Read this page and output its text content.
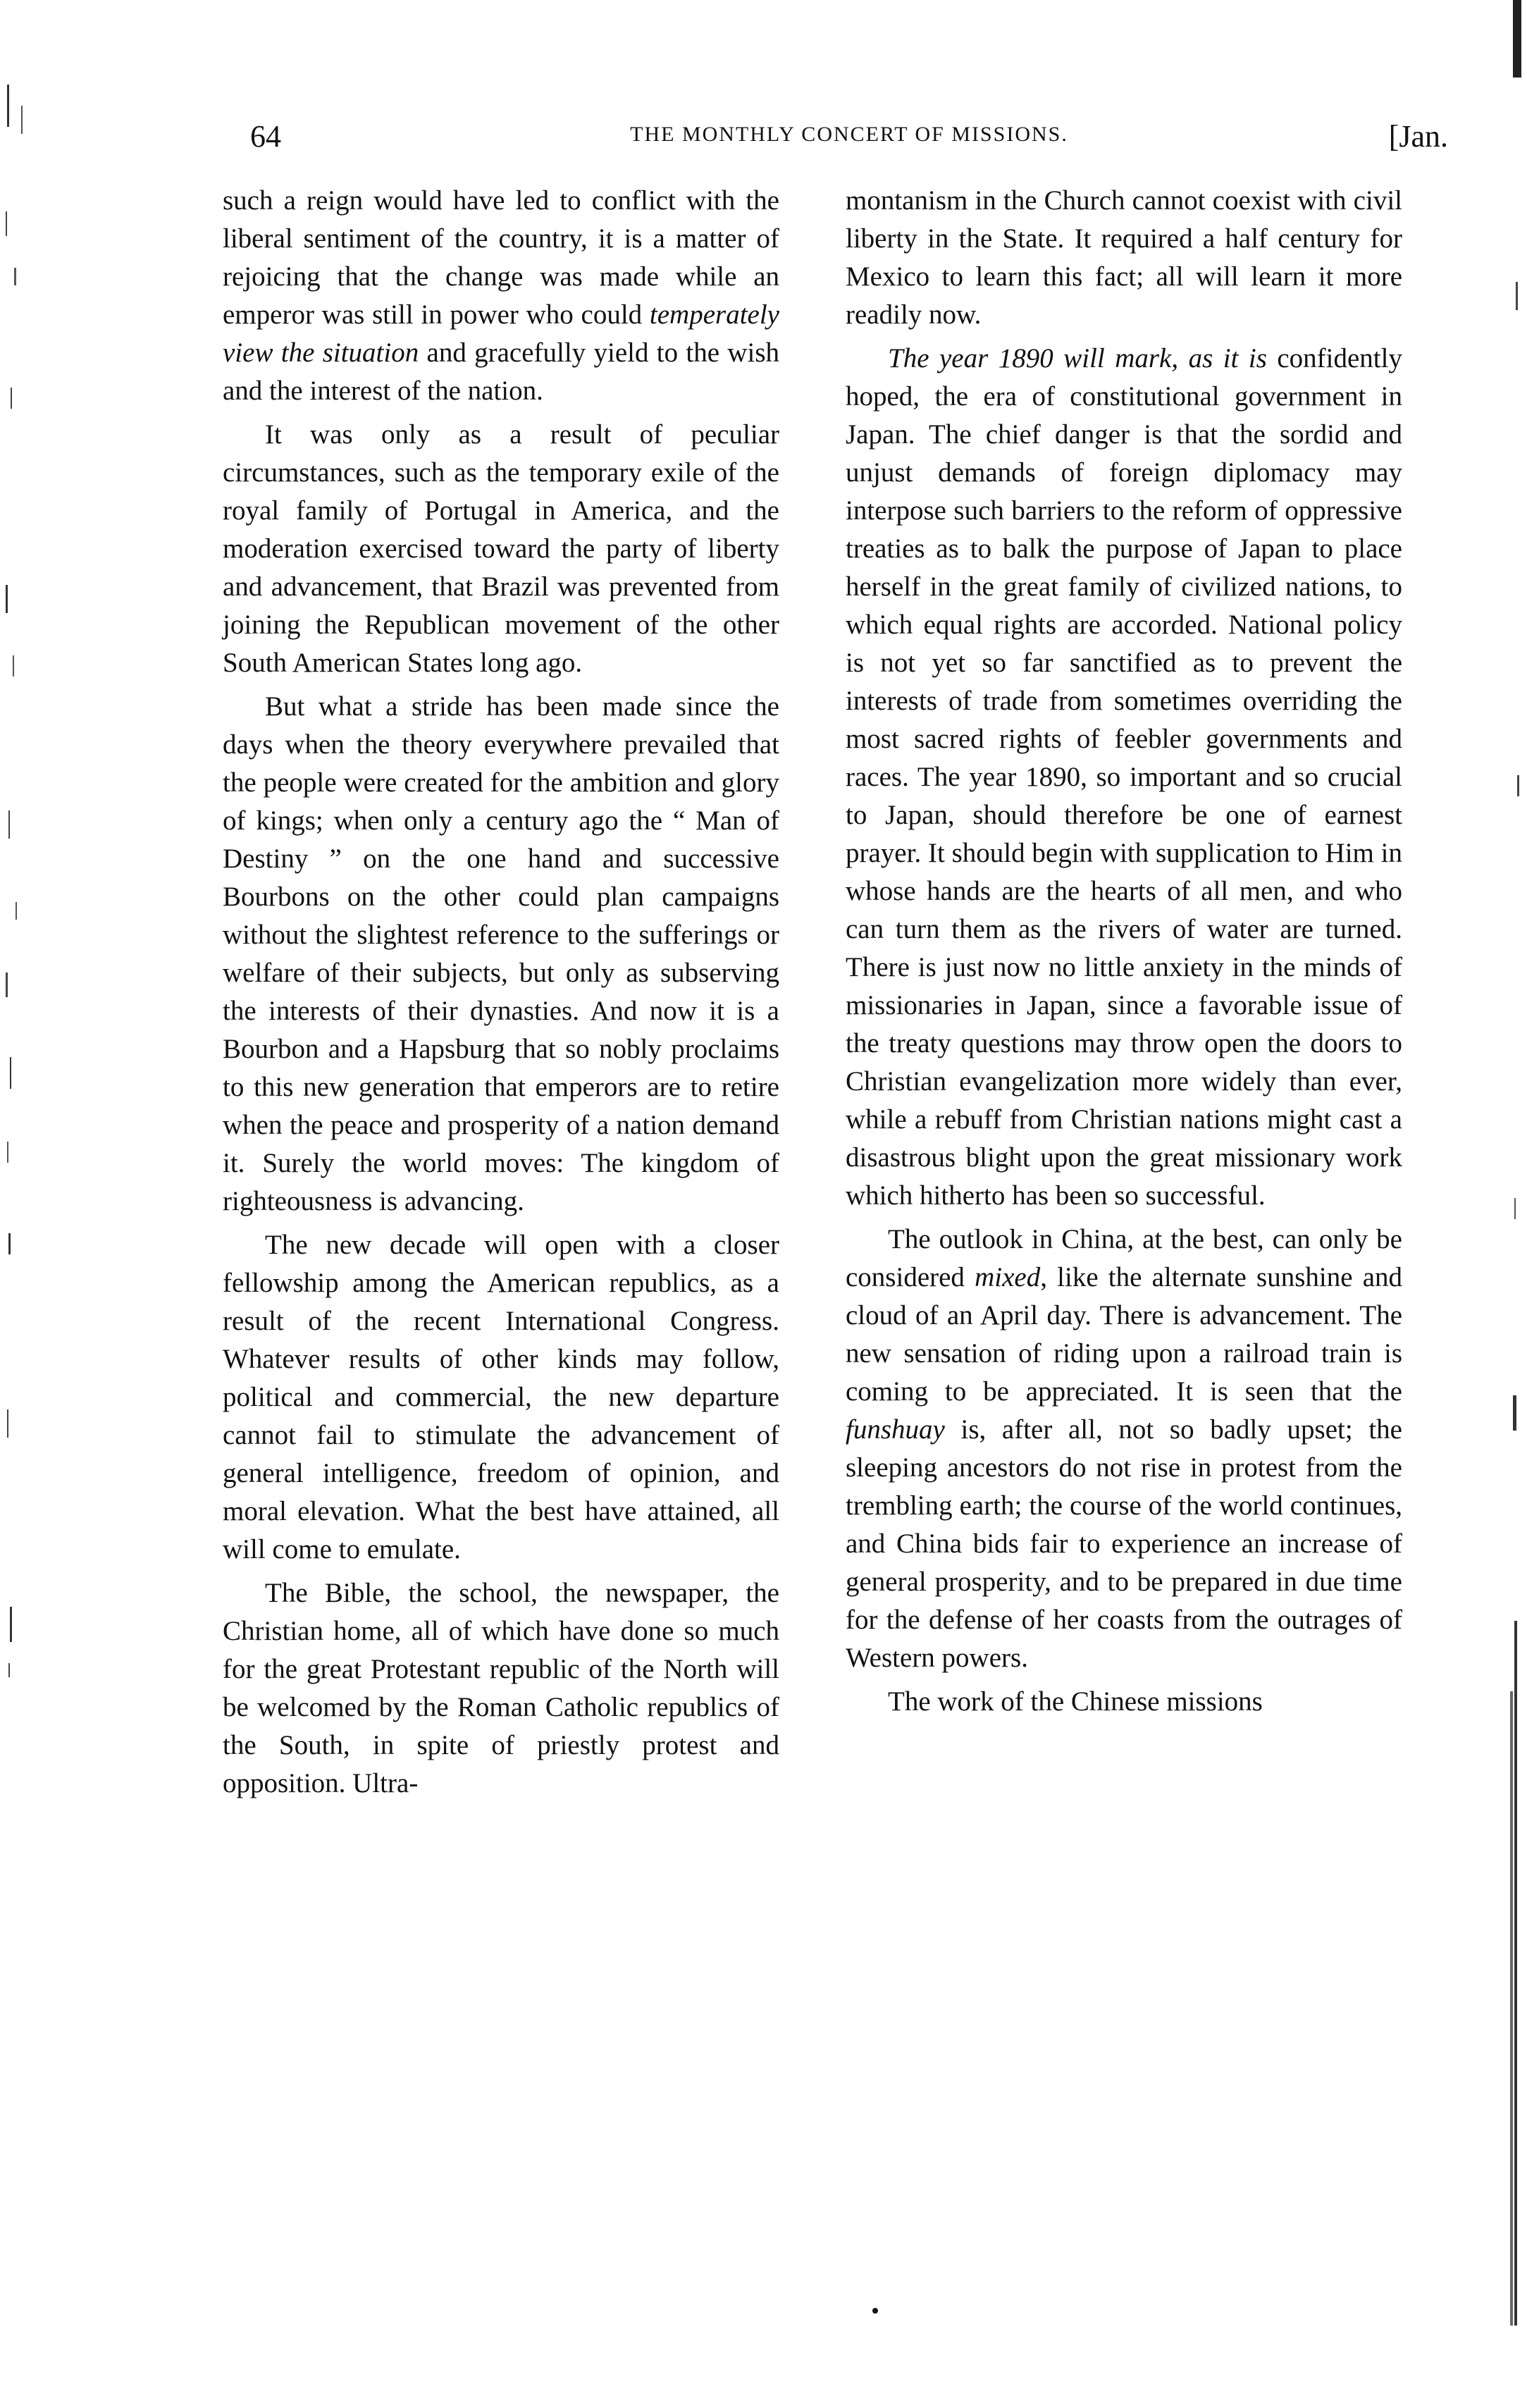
64	THE MONTHLY CONCERT OF MISSIONS.	[Jan.

such a reign would have led to conflict with the liberal sentiment of the country, it is a matter of rejoicing that the change was made while an emperor was still in power who could temperately view the situation and gracefully yield to the wish and the interest of the nation.

It was only as a result of peculiar circumstances, such as the temporary exile of the royal family of Portugal in America, and the moderation exercised toward the party of liberty and advancement, that Brazil was prevented from joining the Republican movement of the other South American States long ago.

But what a stride has been made since the days when the theory everywhere prevailed that the people were created for the ambition and glory of kings; when only a century ago the “ Man of Destiny ” on the one hand and successive Bourbons on the other could plan campaigns without the slightest reference to the sufferings or welfare of their subjects, but only as subserving the interests of their dynasties. And now it is a Bourbon and a Hapsburg that so nobly proclaims to this new generation that emperors are to retire when the peace and prosperity of a nation demand it. Surely the world moves: The kingdom of righteousness is advancing.

The new decade will open with a closer fellowship among the American republics, as a result of the recent International Congress. Whatever results of other kinds may follow, political and commercial, the new departure cannot fail to stimulate the advancement of general intelligence, freedom of opinion, and moral elevation. What the best have attained, all will come to emulate.

The Bible, the school, the newspaper, the Christian home, all of which have done so much for the great Protestant republic of the North will be welcomed by the Roman Catholic republics of the South, in spite of priestly protest and opposition. Ultra-

montanism in the Church cannot coexist with civil liberty in the State. It required a half century for Mexico to learn this fact; all will learn it more readily now.

The year 1890 will mark, as it is confidently hoped, the era of constitutional government in Japan. The chief danger is that the sordid and unjust demands of foreign diplomacy may interpose such barriers to the reform of oppressive treaties as to balk the purpose of Japan to place herself in the great family of civilized nations, to which equal rights are accorded. National policy is not yet so far sanctified as to prevent the interests of trade from sometimes overriding the most sacred rights of feebler governments and races. The year 1890, so important and so crucial to Japan, should therefore be one of earnest prayer. It should begin with supplication to Him in whose hands are the hearts of all men, and who can turn them as the rivers of water are turned. There is just now no little anxiety in the minds of missionaries in Japan, since a favorable issue of the treaty questions may throw open the doors to Christian evangelization more widely than ever, while a rebuff from Christian nations might cast a disastrous blight upon the great missionary work which hitherto has been so successful.

The outlook in China, at the best, can only be considered mixed, like the alternate sunshine and cloud of an April day. There is advancement. The new sensation of riding upon a railroad train is coming to be appreciated. It is seen that the funshuay is, after all, not so badly upset; the sleeping ancestors do not rise in protest from the trembling earth; the course of the world continues, and China bids fair to experience an increase of general prosperity, and to be prepared in due time for the defense of her coasts from the outrages of Western powers.

The work of the Chinese missions
